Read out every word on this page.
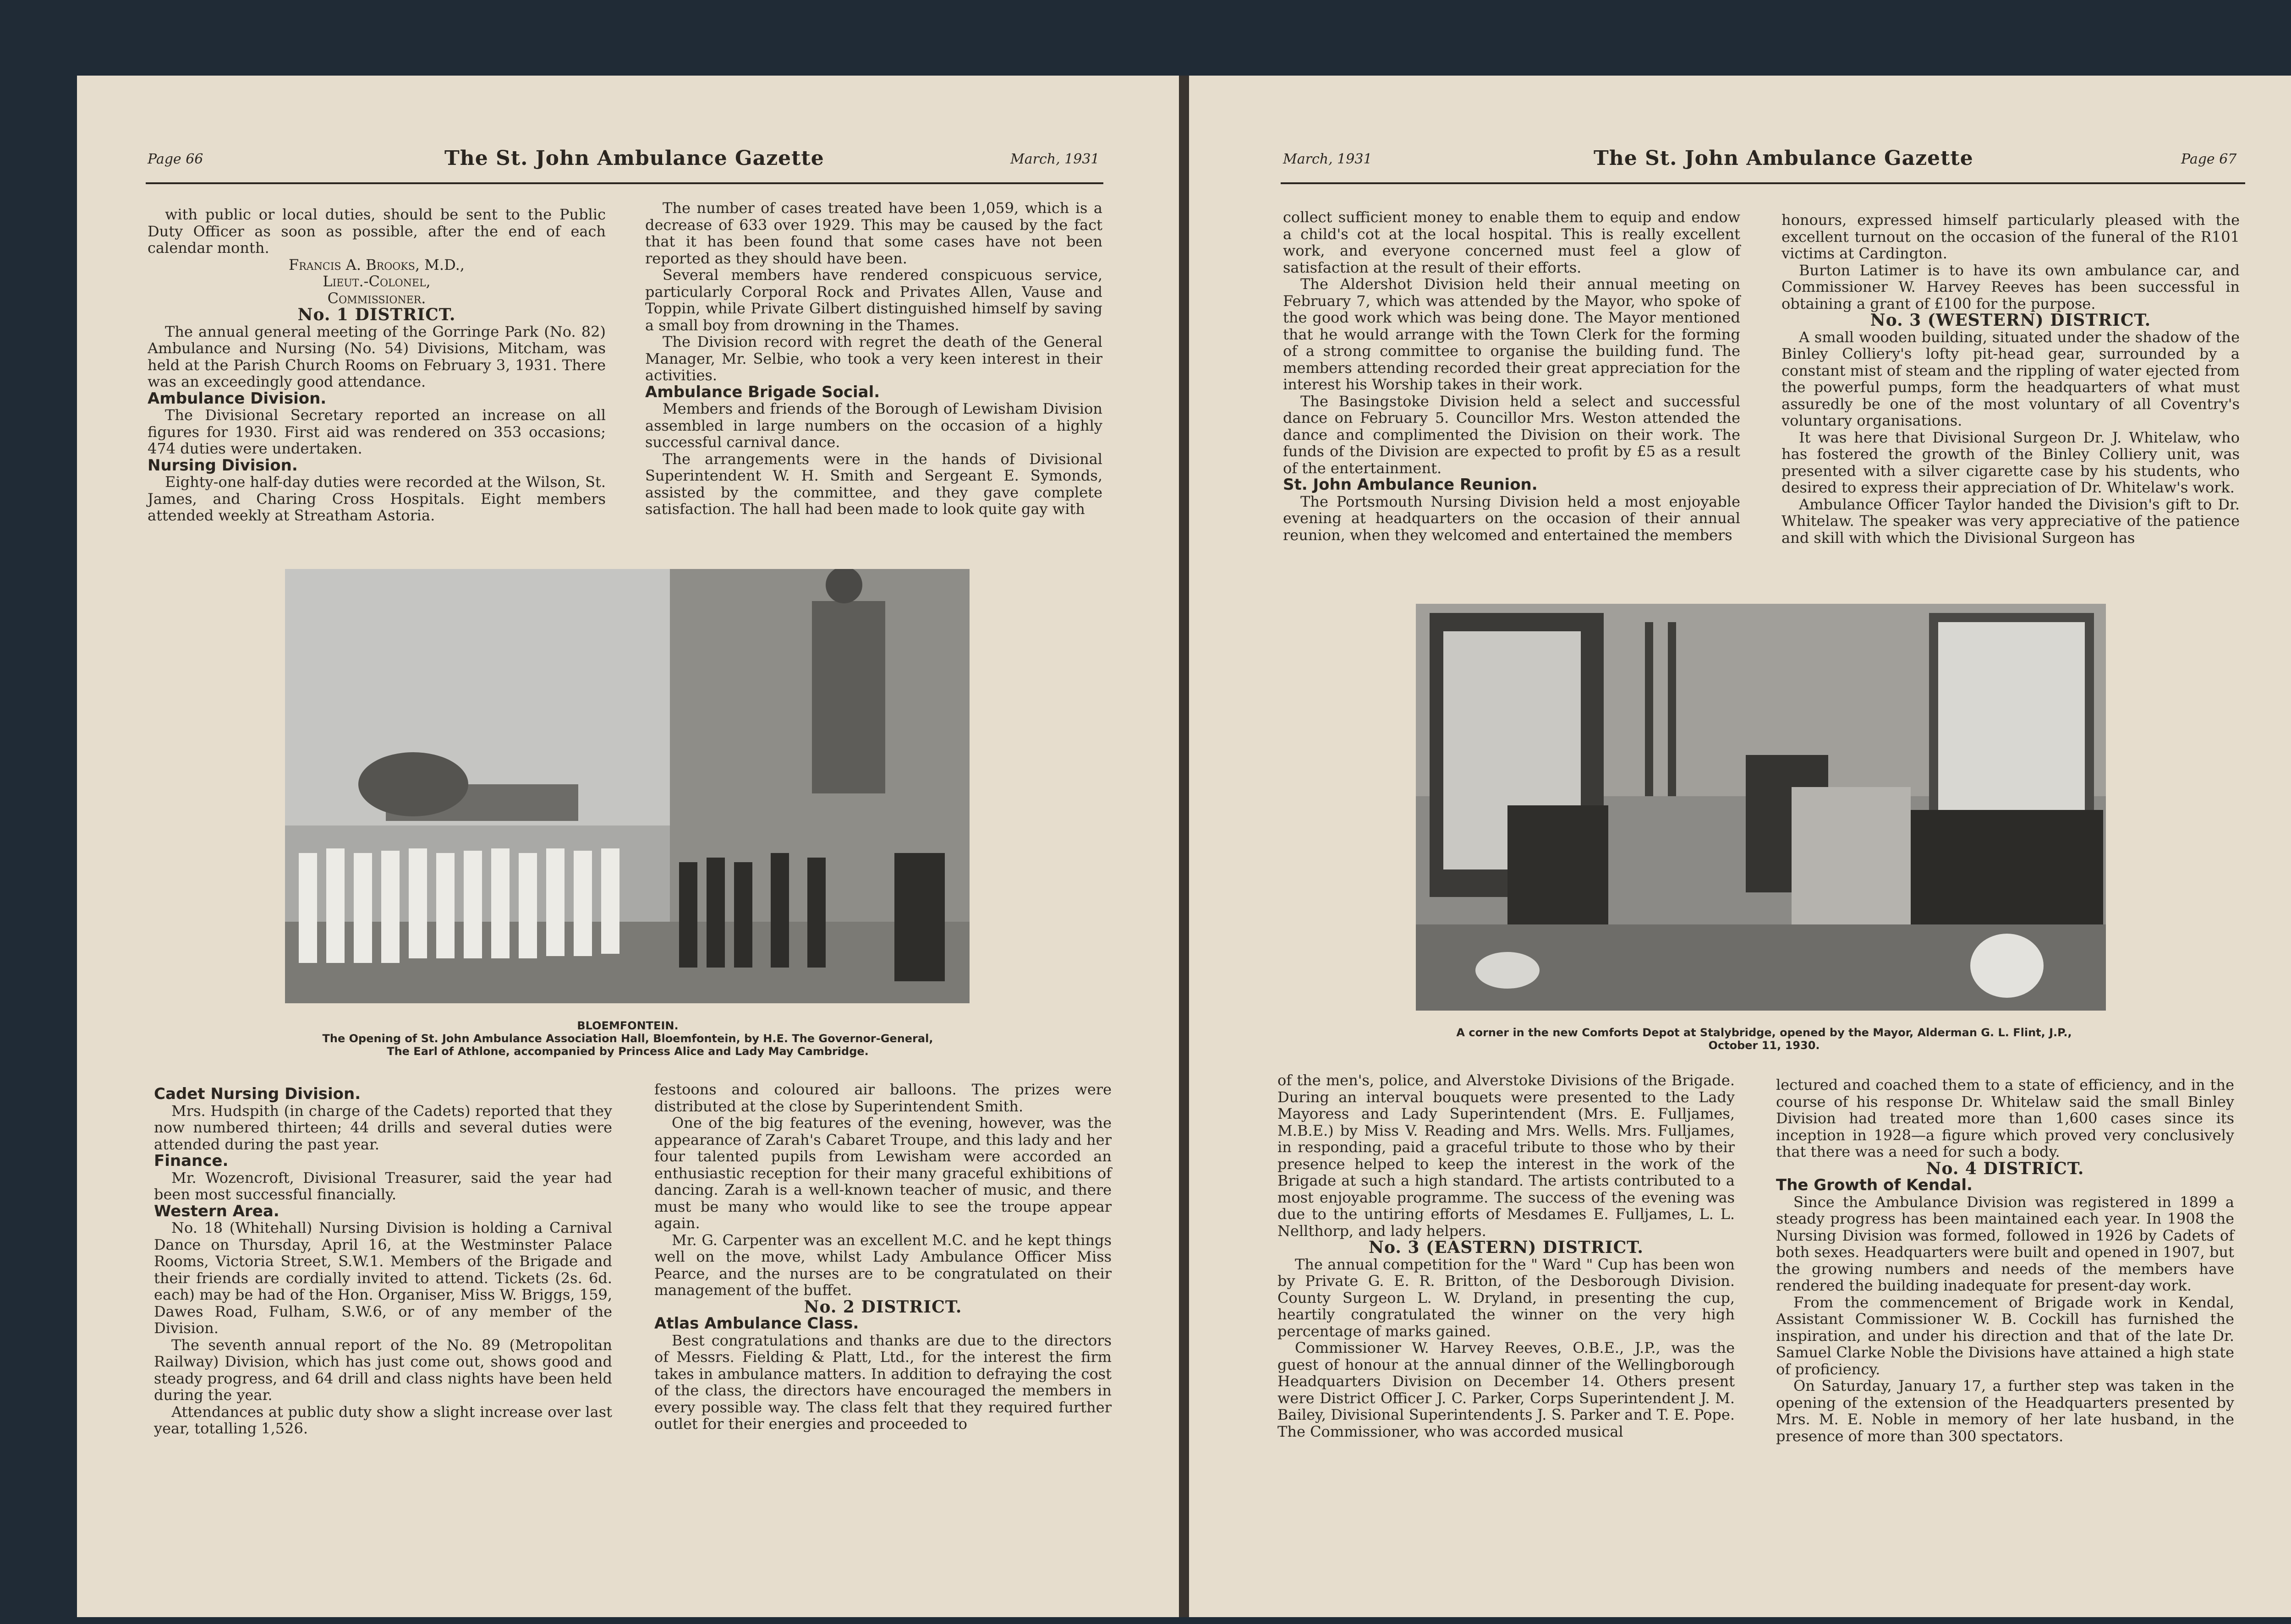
Page 66	The St. John Ambulance Gazette	March, 1931

with public or local duties, should be sent to the Public Duty Officer as soon as possible, after the end of each calendar month.

Francis A. Brooks, M.D.,

Lieut.-Colonel,

Commissioner.

No. 1 DISTRICT.

The annual general meeting of the Gorringe Park (No. 82) Ambulance and Nursing (No. 54) Divisions, Mitcham, was held at the Parish Church Rooms on February 3, 1931. There was an exceedingly good attendance.

Ambulance Division.

The Divisional Secretary reported an increase on all figures for 1930. First aid was rendered on 353 occasions; 474 duties were undertaken.

Nursing Division.

Eighty-one half-day duties were recorded at the Wilson, St. James, and Charing Cross Hospitals. Eight members attended weekly at Streatham Astoria.

The number of cases treated have been 1,059, which is a decrease of 633 over 1929. This may be caused by the fact that it has been found that some cases have not been reported as they should have been.

Several members have rendered conspicuous service, particularly Corporal Rock and Privates Allen, Vause and Toppin, while Private Gilbert distinguished himself by saving a small boy from drowning in the Thames.

The Division record with regret the death of the General Manager, Mr. Selbie, who took a very keen interest in their activities.

Ambulance Brigade Social.

Members and friends of the Borough of Lewisham Division assembled in large numbers on the occasion of a highly successful carnival dance.

The arrangements were in the hands of Divisional Superintendent W. H. Smith and Sergeant E. Symonds, assisted by the committee, and they gave complete satisfaction. The hall had been made to look quite gay with

BLOEMFONTEIN.
The Opening of St. John Ambulance Association Hall, Bloemfontein, by H.E. The Governor-General,
The Earl of Athlone, accompanied by Princess Alice and Lady May Cambridge.
Cadet Nursing Division.

Mrs. Hudspith (in charge of the Cadets) reported that they now numbered thirteen; 44 drills and several duties were attended during the past year.

Finance.

Mr. Wozencroft, Divisional Treasurer, said the year had been most successful financially.

Western Area.

No. 18 (Whitehall) Nursing Division is holding a Carnival Dance on Thursday, April 16, at the Westminster Palace Rooms, Victoria Street, S.W.1. Members of the Brigade and their friends are cordially invited to attend. Tickets (2s. 6d. each) may be had of the Hon. Organiser, Miss W. Briggs, 159, Dawes Road, Fulham, S.W.6, or of any member of the Division.

The seventh annual report of the No. 89 (Metropolitan Railway) Division, which has just come out, shows good and steady progress, and 64 drill and class nights have been held during the year.

Attendances at public duty show a slight increase over last year, totalling 1,526.

festoons and coloured air balloons. The prizes were distributed at the close by Superintendent Smith.

One of the big features of the evening, however, was the appearance of Zarah's Cabaret Troupe, and this lady and her four talented pupils from Lewisham were accorded an enthusiastic reception for their many graceful exhibitions of dancing. Zarah is a well-known teacher of music, and there must be many who would like to see the troupe appear again.

Mr. G. Carpenter was an excellent M.C. and he kept things well on the move, whilst Lady Ambulance Officer Miss Pearce, and the nurses are to be congratulated on their management of the buffet.

No. 2 DISTRICT.
Atlas Ambulance Class.

Best congratulations and thanks are due to the directors of Messrs. Fielding & Platt, Ltd., for the interest the firm takes in ambulance matters. In addition to defraying the cost of the class, the directors have encouraged the members in every possible way. The class felt that they required further outlet for their energies and proceeded to

March, 1931	The St. John Ambulance Gazette	Page 67

collect sufficient money to enable them to equip and endow a child's cot at the local hospital. This is really excellent work, and everyone concerned must feel a glow of satisfaction at the result of their efforts.

The Aldershot Division held their annual meeting on February 7, which was attended by the Mayor, who spoke of the good work which was being done. The Mayor mentioned that he would arrange with the Town Clerk for the forming of a strong committee to organise the building fund. The members attending recorded their great appreciation for the interest his Worship takes in their work.

The Basingstoke Division held a select and successful dance on February 5. Councillor Mrs. Weston attended the dance and complimented the Division on their work. The funds of the Division are expected to profit by £5 as a result of the entertainment.

St. John Ambulance Reunion.

The Portsmouth Nursing Division held a most enjoyable evening at headquarters on the occasion of their annual reunion, when they welcomed and entertained the members

honours, expressed himself particularly pleased with the excellent turnout on the occasion of the funeral of the R101 victims at Cardington.

Burton Latimer is to have its own ambulance car, and Commissioner W. Harvey Reeves has been successful in obtaining a grant of £100 for the purpose.

No. 3 (WESTERN) DISTRICT.

A small wooden building, situated under the shadow of the Binley Colliery's lofty pit-head gear, surrounded by a constant mist of steam and the rippling of water ejected from the powerful pumps, form the headquarters of what must assuredly be one of the most voluntary of all Coventry's voluntary organisations.

It was here that Divisional Surgeon Dr. J. Whitelaw, who has fostered the growth of the Binley Colliery unit, was presented with a silver cigarette case by his students, who desired to express their appreciation of Dr. Whitelaw's work.

Ambulance Officer Taylor handed the Division's gift to Dr. Whitelaw. The speaker was very appreciative of the patience and skill with which the Divisional Surgeon has

A corner in the new Comforts Depot at Stalybridge, opened by the Mayor, Alderman G. L. Flint, J.P.,
October 11, 1930.

of the men's, police, and Alverstoke Divisions of the Brigade. During an interval bouquets were presented to the Lady Mayoress and Lady Superintendent (Mrs. E. Fulljames, M.B.E.) by Miss V. Reading and Mrs. Wells. Mrs. Fulljames, in responding, paid a graceful tribute to those who by their presence helped to keep the interest in the work of the Brigade at such a high standard. The artists contributed to a most enjoyable programme. The success of the evening was due to the untiring efforts of Mesdames E. Fulljames, L. L. Nellthorp, and lady helpers.

No. 3 (EASTERN) DISTRICT.

The annual competition for the " Ward " Cup has been won by Private G. E. R. Britton, of the Desborough Division. County Surgeon L. W. Dryland, in presenting the cup, heartily congratulated the winner on the very high percentage of marks gained.

Commissioner W. Harvey Reeves, O.B.E., J.P., was the guest of honour at the annual dinner of the Wellingborough Headquarters Division on December 14. Others present were District Officer J. C. Parker, Corps Superintendent J. M. Bailey, Divisional Superintendents J. S. Parker and T. E. Pope. The Commissioner, who was accorded musical

lectured and coached them to a state of efficiency, and in the course of his response Dr. Whitelaw said the small Binley Division had treated more than 1,600 cases since its inception in 1928—a figure which proved very conclusively that there was a need for such a body.

No. 4 DISTRICT.
The Growth of Kendal.

Since the Ambulance Division was registered in 1899 a steady progress has been maintained each year. In 1908 the Nursing Division was formed, followed in 1926 by Cadets of both sexes. Headquarters were built and opened in 1907, but the growing numbers and needs of the members have rendered the building inadequate for present-day work.

From the commencement of Brigade work in Kendal, Assistant Commissioner W. B. Cockill has furnished the inspiration, and under his direction and that of the late Dr. Samuel Clarke Noble the Divisions have attained a high state of proficiency.

On Saturday, January 17, a further step was taken in the opening of the extension of the Headquarters presented by Mrs. M. E. Noble in memory of her late husband, in the presence of more than 300 spectators.
